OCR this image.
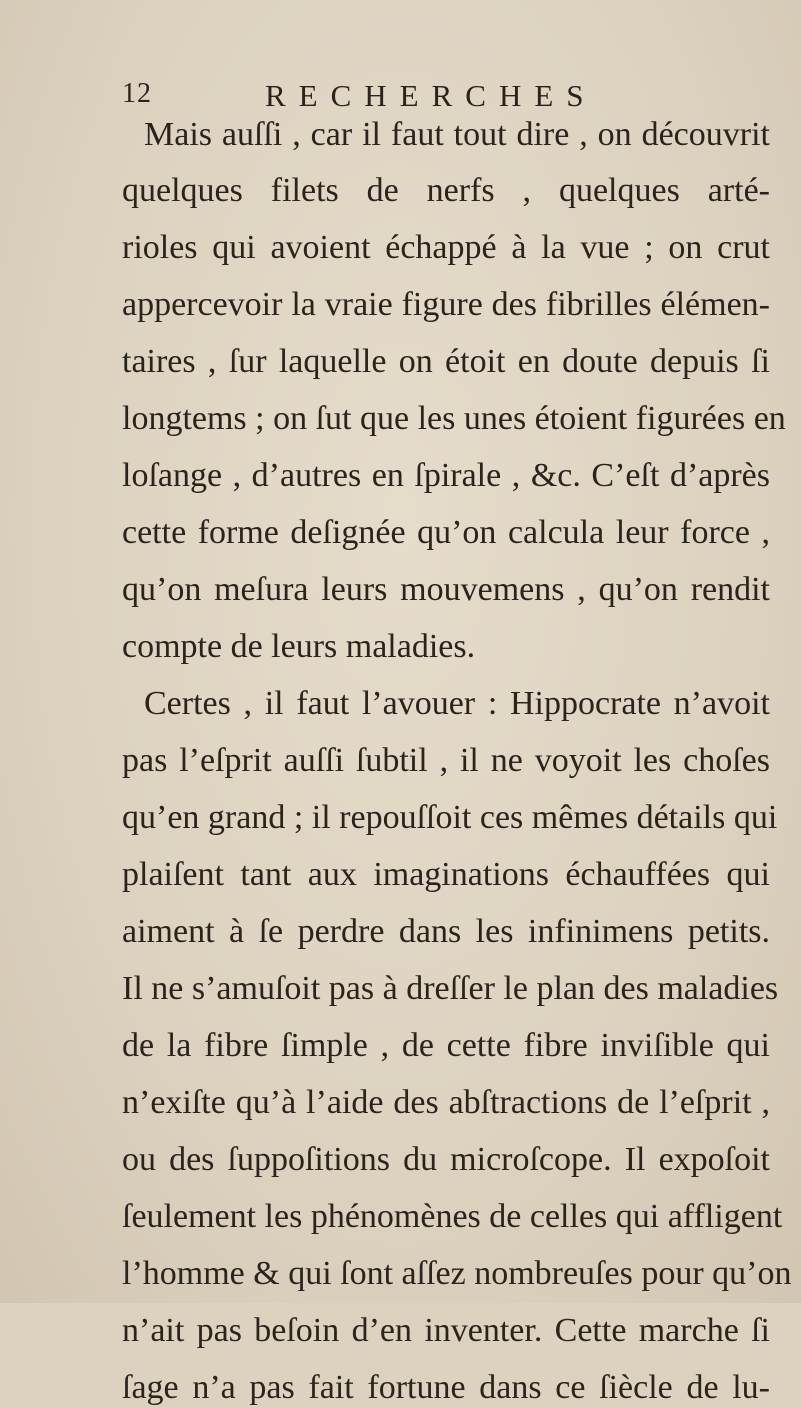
12	RECHERCHES
Mais auſſi , car il faut tout dire , on découvrit
quelques filets de nerfs , quelques arté-
rioles qui avoient échappé à la vue ; on crut
appercevoir la vraie figure des fibrilles élémen-
taires , ſur laquelle on étoit en doute depuis ſi
longtems ; on ſut que les unes étoient figurées en
loſange , d’autres en ſpirale , &c. C’eſt d’après
cette forme deſignée qu’on calcula leur force ,
qu’on meſura leurs mouvemens , qu’on rendit
compte de leurs maladies.
Certes , il faut l’avouer : Hippocrate n’avoit
pas l’eſprit auſſi ſubtil , il ne voyoit les choſes
qu’en grand ; il repouſſoit ces mêmes détails qui
plaiſent tant aux imaginations échauffées qui
aiment à ſe perdre dans les infinimens petits.
Il ne s’amuſoit pas à dreſſer le plan des maladies
de la fibre ſimple , de cette fibre inviſible qui
n’exiſte qu’à l’aide des abſtractions de l’eſprit ,
ou des ſuppoſitions du microſcope. Il expoſoit
ſeulement les phénomènes de celles qui affligent
l’homme & qui ſont aſſez nombreuſes pour qu’on
n’ait pas beſoin d’en inventer. Cette marche ſi
ſage n’a pas fait fortune dans ce ſiècle de lu-
